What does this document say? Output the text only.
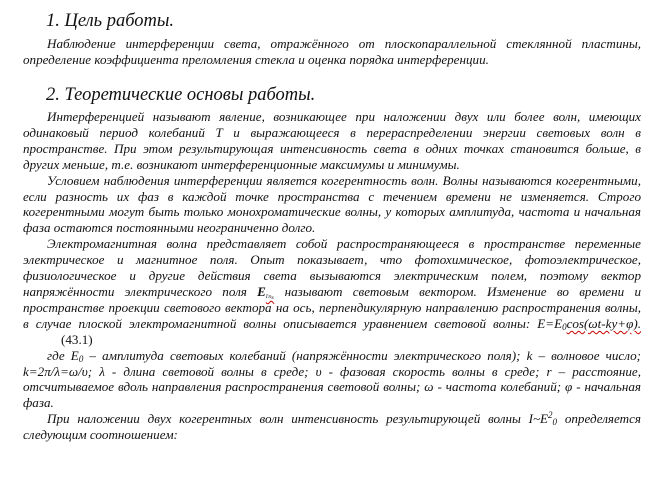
1. Цель работы.

Наблюдение интерференции света, отражённого от плоскопараллельной стеклянной пластины, определение коэффициента преломления стекла и оценка порядка интерференции.

2. Теоретические основы работы.

Интерференцией называют явление, возникающее при наложении двух или более волн, имеющих одинаковый период колебаний T и выражающееся в перераспределении энергии световых волн в пространстве. При этом результирующая интенсивность света в одних точках становится больше, в других меньше, т.е. возникают интерференционные максимумы и минимумы.

Условием наблюдения интерференции является когерентность волн. Волны называются когерентными, если разность их фаз в каждой точке пространства с течением времени не изменяется. Строго когерентными могут быть только монохроматические волны, у которых амплитуда, частота и начальная фаза остаются постоянными неограниченно долго.

Электромагнитная волна представляет собой распространяющееся в пространстве переменные электрическое и магнитное поля. Опыт показывает, что фотохимическое, фотоэлектрическое, физиологическое и другие действия света вызываются электрическим полем, поэтому вектор напряжённости электрического поля $E_{_{lnx}}$ называют световым вектором. Изменение во времени и пространстве проекции светового вектора на ось, перпендикулярную направлению распространения волны, в случае плоской электромагнитной волны описывается уравнением световой волны: $E=E_0\cos(\omega t-ky+\varphi).(43.1)$

где $E_0$ – амплитуда световых колебаний (напряжённости электрического поля); k – волновое число; k=2π/λ=ω/υ; λ - длина световой волны в среде; υ - фазовая скорость волны в среде; r – расстояние, отсчитываемое вдоль направления распространения световой волны; ω - частота колебаний; φ - начальная фаза.

При наложении двух когерентных волн интенсивность результирующей волны $I\sim E^2_0$ определяется следующим соотношением:
